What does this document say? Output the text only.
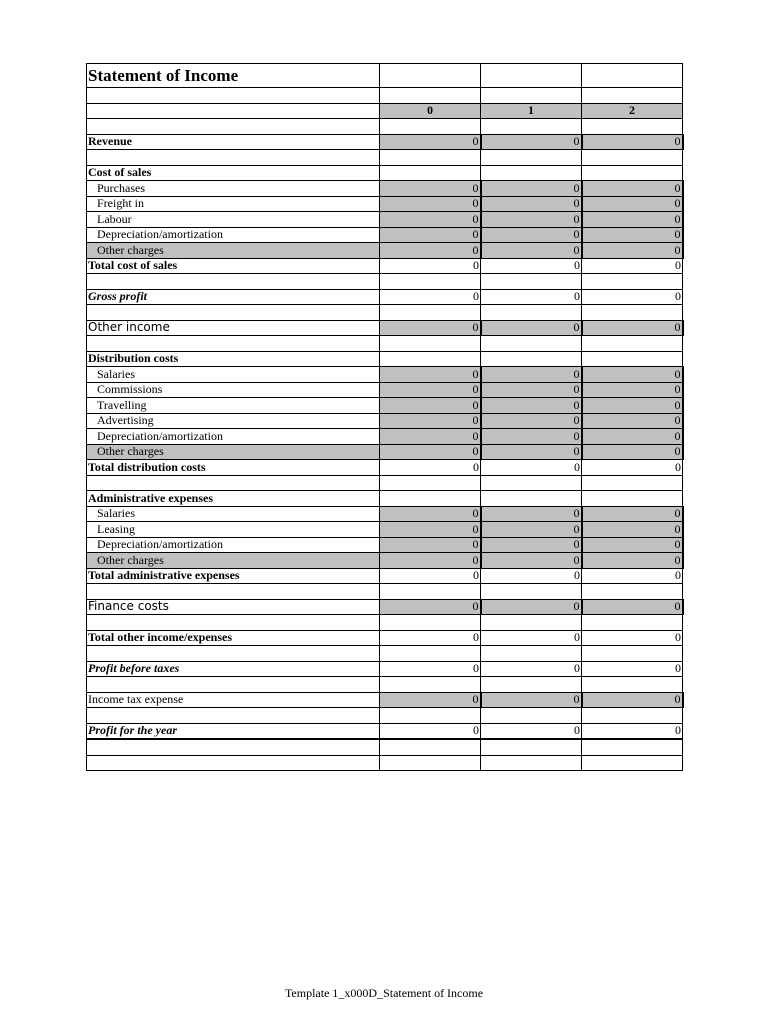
Statement of Income			

	0	1	2

Revenue	0	0	0

Cost of sales			
Purchases	0	0	0
Freight in	0	0	0
Labour	0	0	0
Depreciation/amortization	0	0	0
Other charges	0	0	0
Total cost of sales	0	0	0

Gross profit	0	0	0

Other income	0	0	0

Distribution costs			
Salaries	0	0	0
Commissions	0	0	0
Travelling	0	0	0
Advertising	0	0	0
Depreciation/amortization	0	0	0
Other charges	0	0	0
Total distribution costs	0	0	0

Administrative expenses			
Salaries	0	0	0
Leasing	0	0	0
Depreciation/amortization	0	0	0
Other charges	0	0	0
Total administrative expenses	0	0	0

Finance costs	0	0	0

Total other income/expenses	0	0	0

Profit before taxes	0	0	0

Income tax expense	0	0	0

Profit for the year	0	0	0

Template 1_x000D_Statement of Income
